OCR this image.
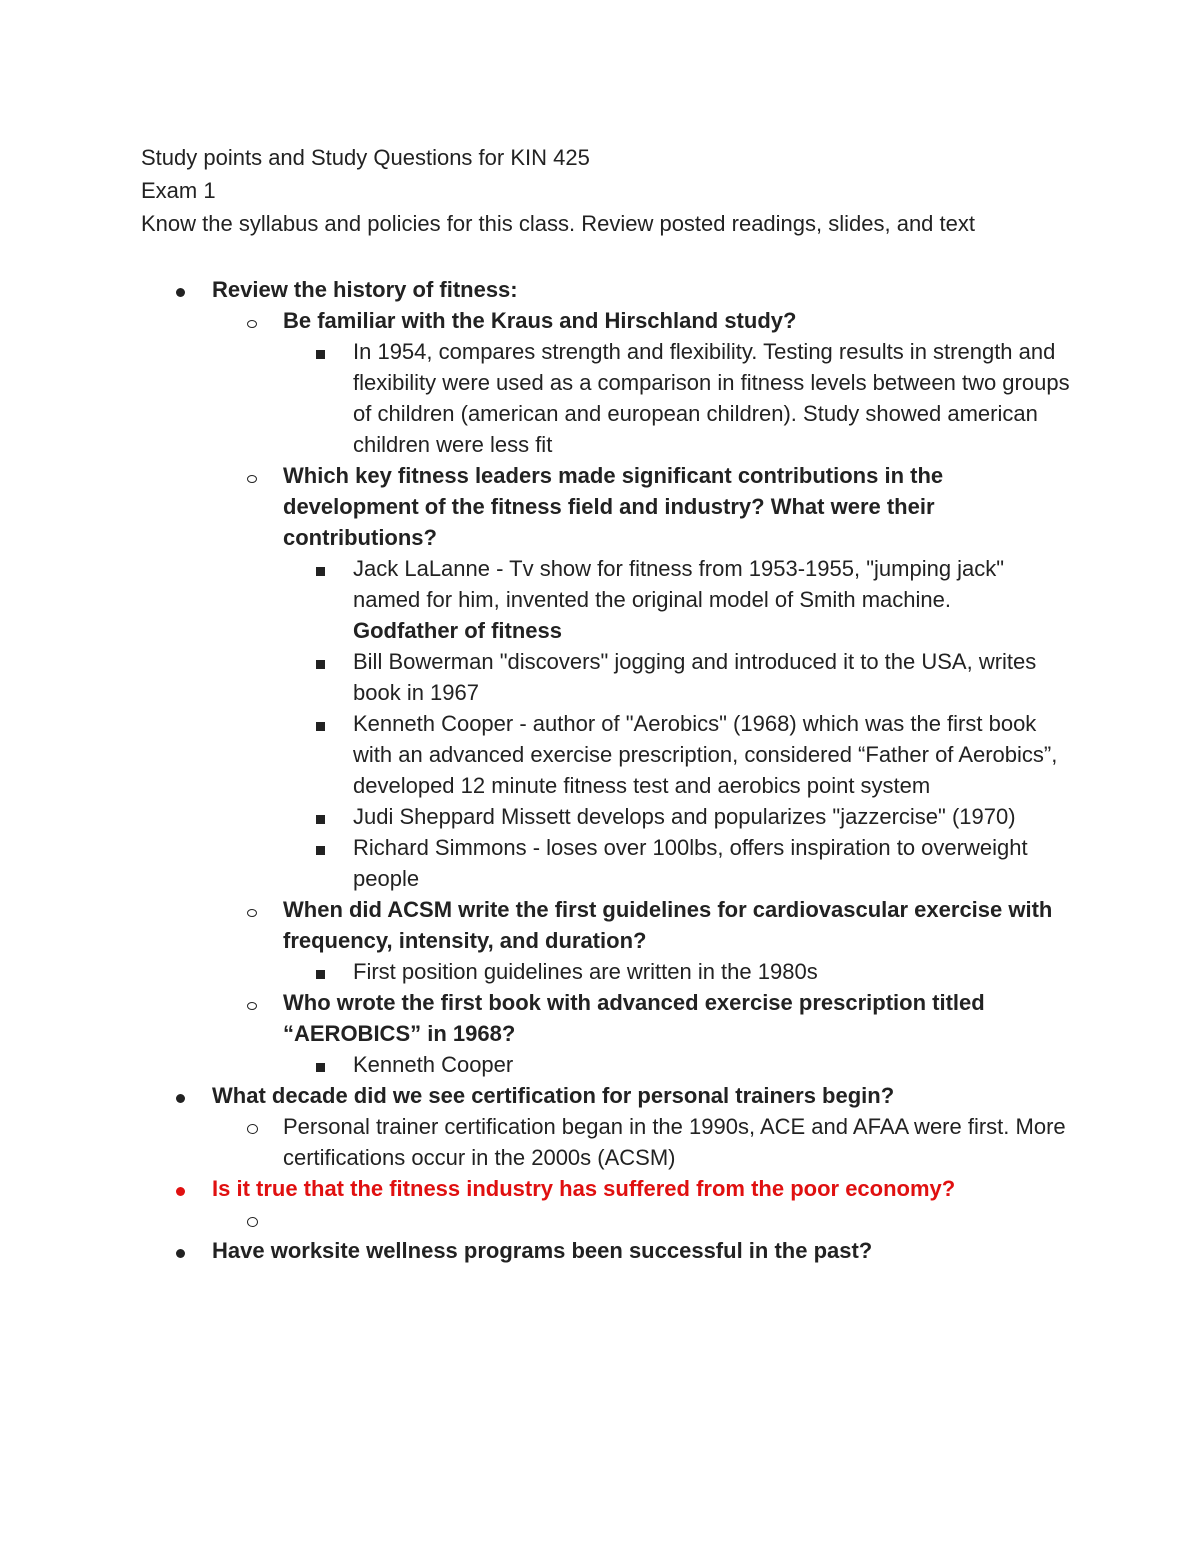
Study points and Study Questions for KIN 425
Exam 1
Know the syllabus and policies for this class. Review posted readings, slides, and text
Review the history of fitness:
Be familiar with the Kraus and Hirschland study?
In 1954, compares strength and flexibility. Testing results in strength and flexibility were used as a comparison in fitness levels between two groups of children (american and european children). Study showed american children were less fit
Which key fitness leaders made significant contributions in the development of the fitness field and industry? What were their contributions?
Jack LaLanne - Tv show for fitness from 1953-1955, "jumping jack" named for him, invented the original model of Smith machine.
Godfather of fitness
Bill Bowerman "discovers" jogging and introduced it to the USA, writes book in 1967
Kenneth Cooper - author of "Aerobics" (1968) which was the first book with an advanced exercise prescription, considered “Father of Aerobics”, developed 12 minute fitness test and aerobics point system
Judi Sheppard Missett develops and popularizes "jazzercise" (1970)
Richard Simmons - loses over 100lbs, offers inspiration to overweight people
When did ACSM write the first guidelines for cardiovascular exercise with frequency, intensity, and duration?
First position guidelines are written in the 1980s
Who wrote the first book with advanced exercise prescription titled “AEROBICS” in 1968?
Kenneth Cooper
What decade did we see certification for personal trainers begin?
Personal trainer certification began in the 1990s, ACE and AFAA were first. More certifications occur in the 2000s (ACSM)
Is it true that the fitness industry has suffered from the poor economy?

Have worksite wellness programs been successful in the past?
